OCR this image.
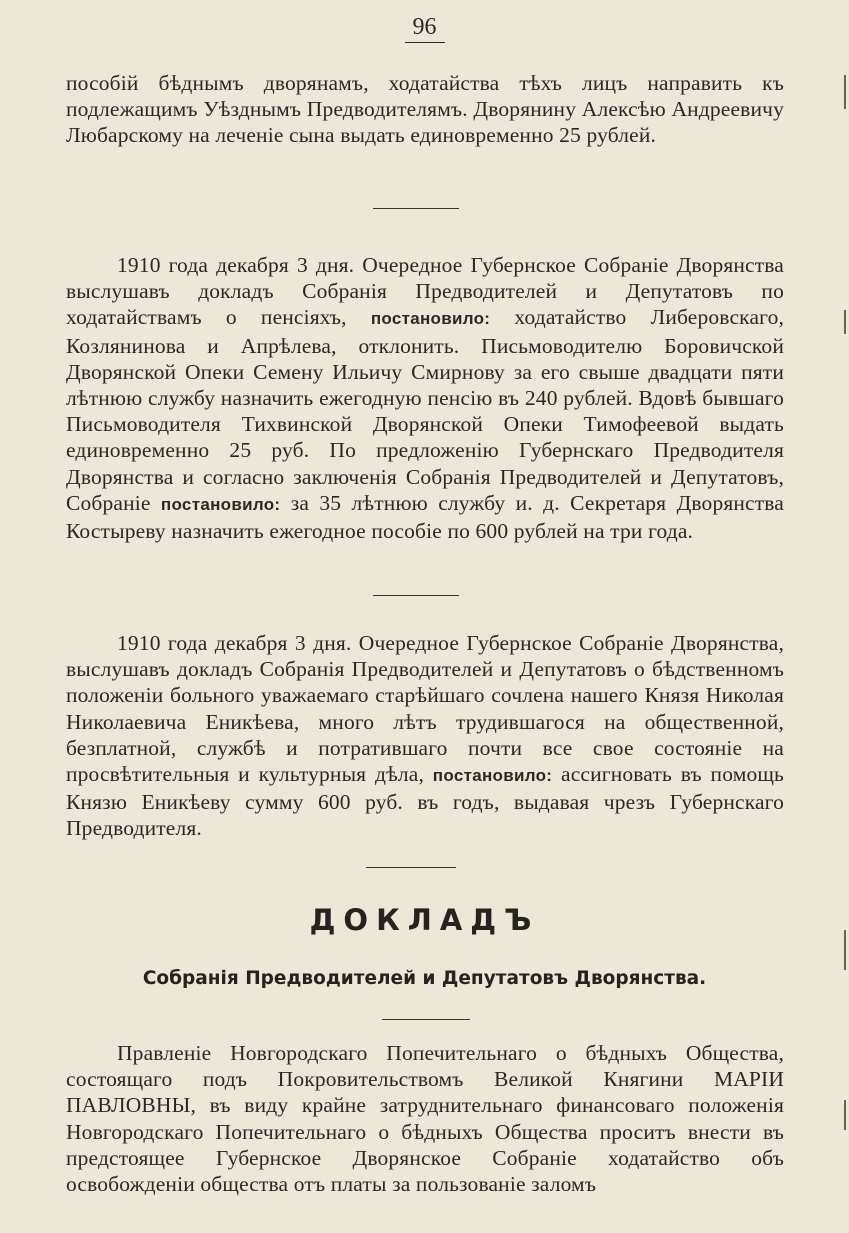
96

пособій бѣднымъ дворянамъ, ходатайства тѣхъ лицъ направить къ подлежащимъ Уѣзднымъ Предводителямъ. Дворянину Алексѣю Андреевичу Любарскому на леченіе сына выдать единовременно 25 рублей.

1910 года декабря 3 дня. Очередное Губернское Собраніе Дворянства выслушавъ докладъ Собранія Предводителей и Депутатовъ по ходатайствамъ о пенсіяхъ, постановило: ходатайство Либеровскаго, Козлянинова и Апрѣлева, отклонить. Письмоводителю Боровичской Дворянской Опеки Семену Ильичу Смирнову за его свыше двадцати пяти лѣтнюю службу назначить ежегодную пенсію въ 240 рублей. Вдовѣ бывшаго Письмоводителя Тихвинской Дворянской Опеки Тимофеевой выдать единовременно 25 руб. По предложенію Губернскаго Предводителя Дворянства и согласно заключенія Собранія Предводителей и Депутатовъ, Собраніе постановило: за 35 лѣтнюю службу и. д. Секретаря Дворянства Костыреву назначить ежегодное пособіе по 600 рублей на три года.

1910 года декабря 3 дня. Очередное Губернское Собраніе Дворянства, выслушавъ докладъ Собранія Предводителей и Депутатовъ о бѣдственномъ положеніи больного уважаемаго старѣйшаго сочлена нашего Князя Николая Николаевича Еникѣева, много лѣтъ трудившагося на общественной, безплатной, службѣ и потратившаго почти все свое состояніе на просвѣтительныя и культурныя дѣла, постановило: ассигновать въ помощь Князю Еникѣеву сумму 600 руб. въ годъ, выдавая чрезъ Губернскаго Предводителя.

ДОКЛАДЪ
Собранія Предводителей и Депутатовъ Дворянства.

Правленіе Новгородскаго Попечительнаго о бѣдныхъ Общества, состоящаго подъ Покровительствомъ Великой Княгини МАРІИ ПАВЛОВНЫ, въ виду крайне затруднительнаго финансоваго положенія Новгородскаго Попечительнаго о бѣдныхъ Общества проситъ внести въ предстоящее Губернское Дворянское Собраніе ходатайство объ освобожденіи общества отъ платы за пользованіе заломъ
